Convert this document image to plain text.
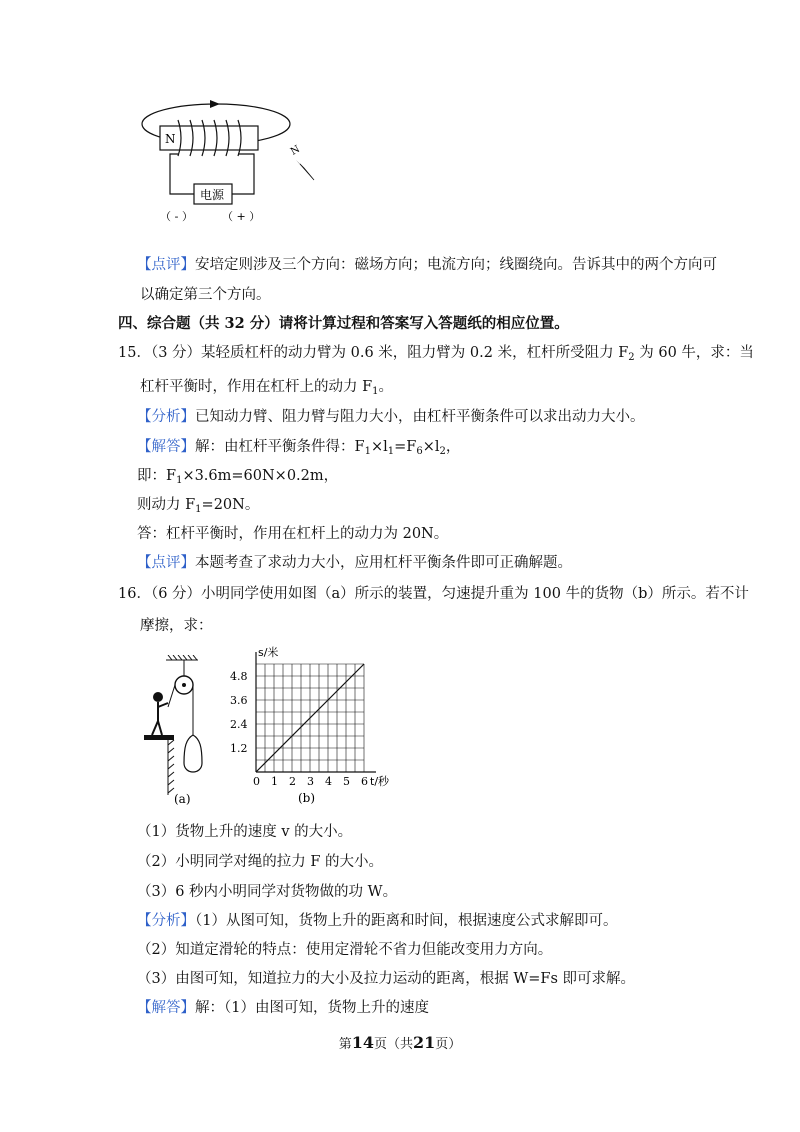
N
电源
（ - ）	（ + ）
N
【点评】安培定则涉及三个方向：磁场方向；电流方向；线圈绕向。告诉其中的两个方向可
以确定第三个方向。
四、综合题（共 32 分）请将计算过程和答案写入答题纸的相应位置。
15．（3 分）某轻质杠杆的动力臂为 0.6 米，阻力臂为 0.2 米，杠杆所受阻力 $F_2$ 为 60 牛，求：当
杠杆平衡时，作用在杠杆上的动力 $F_1$。
【分析】已知动力臂、阻力臂与阻力大小，由杠杆平衡条件可以求出动力大小。
【解答】解：由杠杆平衡条件得：$F_1\times l_1=F_6\times l_2$，
即：$F_1\times 3.6m=60N\times 0.2m$，
则动力 $F_1=20N$。
答：杠杆平衡时，作用在杠杆上的动力为 20N。
【点评】本题考查了求动力大小，应用杠杆平衡条件即可正确解题。
16．（6 分）小明同学使用如图（a）所示的装置，匀速提升重为 100 牛的货物（b）所示。若不计
摩擦，求：
(a)
0 1 2 3 4 5 6
1.2
2.4
3.6
4.8
s/米
t/秒
(b)
（1）货物上升的速度 v 的大小。
（2）小明同学对绳的拉力 F 的大小。
（3）6 秒内小明同学对货物做的功 W。
【分析】（1）从图可知，货物上升的距离和时间，根据速度公式求解即可。
（2）知道定滑轮的特点：使用定滑轮不省力但能改变用力方向。
（3）由图可知，知道拉力的大小及拉力运动的距离，根据 W=Fs 即可求解。
【解答】解：（1）由图可知，货物上升的速度
第14页（共21页）
